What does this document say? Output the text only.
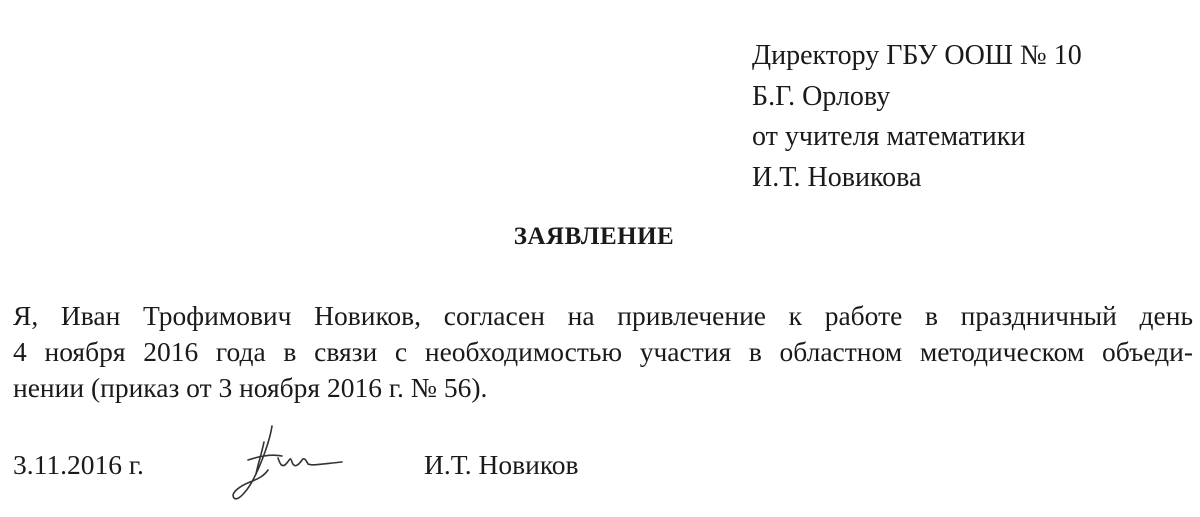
Директору ГБУ ООШ № 10
Б.Г. Орлову
от учителя математики
И.Т. Новикова
ЗАЯВЛЕНИЕ
Я, Иван Трофимович Новиков, согласен на привлечение к работе в праздничный день
4 ноября 2016 года в связи с необходимостью участия в областном методическом объеди-
нении (приказ от 3 ноября 2016 г. № 56).
3.11.2016 г.	И.Т. Новиков
